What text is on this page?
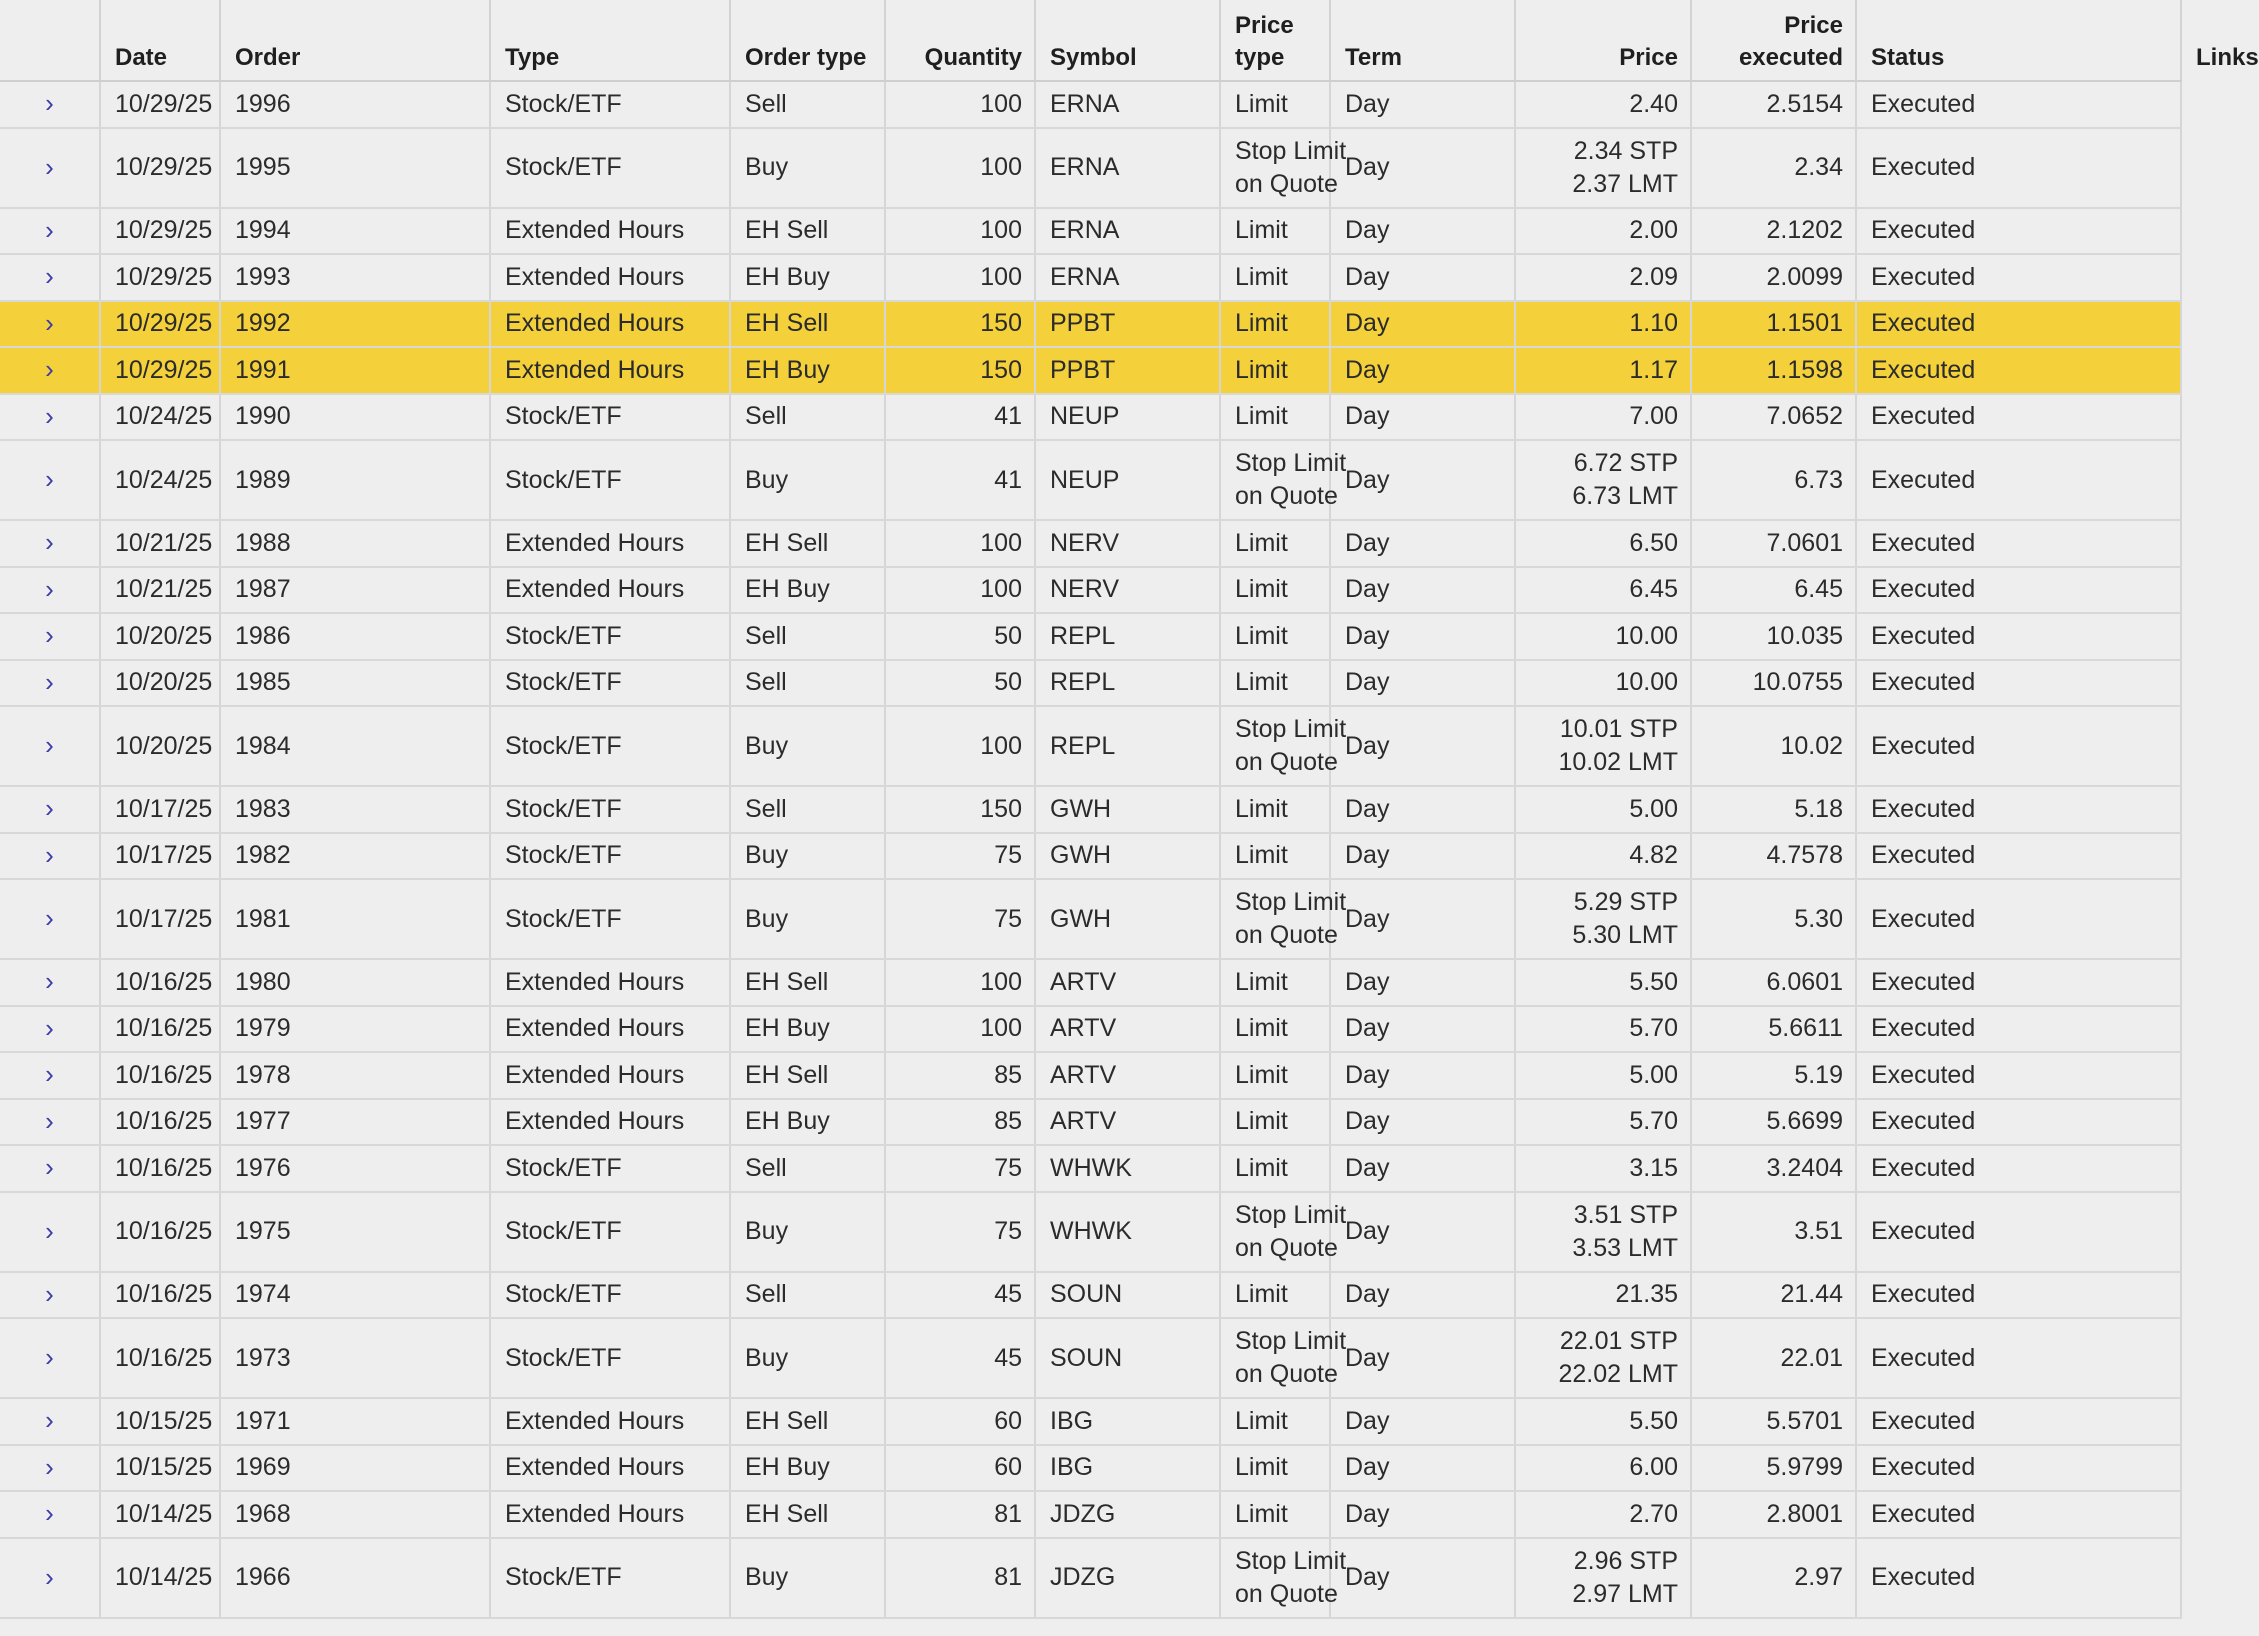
	Date	Order	Type	Order type	Quantity	Symbol	Price type	Term	Price	Price executed	Status	Links
›	10/29/25	1996	Stock/ETF	Sell	100	ERNA	Limit	Day	2.40	2.5154	Executed	
›	10/29/25	1995	Stock/ETF	Buy	100	ERNA	Stop Limit
on Quote	Day	2.34 STP
2.37 LMT	2.34	Executed	
›	10/29/25	1994	Extended Hours	EH Sell	100	ERNA	Limit	Day	2.00	2.1202	Executed	
›	10/29/25	1993	Extended Hours	EH Buy	100	ERNA	Limit	Day	2.09	2.0099	Executed	
›	10/29/25	1992	Extended Hours	EH Sell	150	PPBT	Limit	Day	1.10	1.1501	Executed	
›	10/29/25	1991	Extended Hours	EH Buy	150	PPBT	Limit	Day	1.17	1.1598	Executed	
›	10/24/25	1990	Stock/ETF	Sell	41	NEUP	Limit	Day	7.00	7.0652	Executed	
›	10/24/25	1989	Stock/ETF	Buy	41	NEUP	Stop Limit
on Quote	Day	6.72 STP
6.73 LMT	6.73	Executed	
›	10/21/25	1988	Extended Hours	EH Sell	100	NERV	Limit	Day	6.50	7.0601	Executed	
›	10/21/25	1987	Extended Hours	EH Buy	100	NERV	Limit	Day	6.45	6.45	Executed	
›	10/20/25	1986	Stock/ETF	Sell	50	REPL	Limit	Day	10.00	10.035	Executed	
›	10/20/25	1985	Stock/ETF	Sell	50	REPL	Limit	Day	10.00	10.0755	Executed	
›	10/20/25	1984	Stock/ETF	Buy	100	REPL	Stop Limit
on Quote	Day	10.01 STP
10.02 LMT	10.02	Executed	
›	10/17/25	1983	Stock/ETF	Sell	150	GWH	Limit	Day	5.00	5.18	Executed	
›	10/17/25	1982	Stock/ETF	Buy	75	GWH	Limit	Day	4.82	4.7578	Executed	
›	10/17/25	1981	Stock/ETF	Buy	75	GWH	Stop Limit
on Quote	Day	5.29 STP
5.30 LMT	5.30	Executed	
›	10/16/25	1980	Extended Hours	EH Sell	100	ARTV	Limit	Day	5.50	6.0601	Executed	
›	10/16/25	1979	Extended Hours	EH Buy	100	ARTV	Limit	Day	5.70	5.6611	Executed	
›	10/16/25	1978	Extended Hours	EH Sell	85	ARTV	Limit	Day	5.00	5.19	Executed	
›	10/16/25	1977	Extended Hours	EH Buy	85	ARTV	Limit	Day	5.70	5.6699	Executed	
›	10/16/25	1976	Stock/ETF	Sell	75	WHWK	Limit	Day	3.15	3.2404	Executed	
›	10/16/25	1975	Stock/ETF	Buy	75	WHWK	Stop Limit
on Quote	Day	3.51 STP
3.53 LMT	3.51	Executed	
›	10/16/25	1974	Stock/ETF	Sell	45	SOUN	Limit	Day	21.35	21.44	Executed	
›	10/16/25	1973	Stock/ETF	Buy	45	SOUN	Stop Limit
on Quote	Day	22.01 STP
22.02 LMT	22.01	Executed	
›	10/15/25	1971	Extended Hours	EH Sell	60	IBG	Limit	Day	5.50	5.5701	Executed	
›	10/15/25	1969	Extended Hours	EH Buy	60	IBG	Limit	Day	6.00	5.9799	Executed	
›	10/14/25	1968	Extended Hours	EH Sell	81	JDZG	Limit	Day	2.70	2.8001	Executed	
›	10/14/25	1966	Stock/ETF	Buy	81	JDZG	Stop Limit
on Quote	Day	2.96 STP
2.97 LMT	2.97	Executed	
